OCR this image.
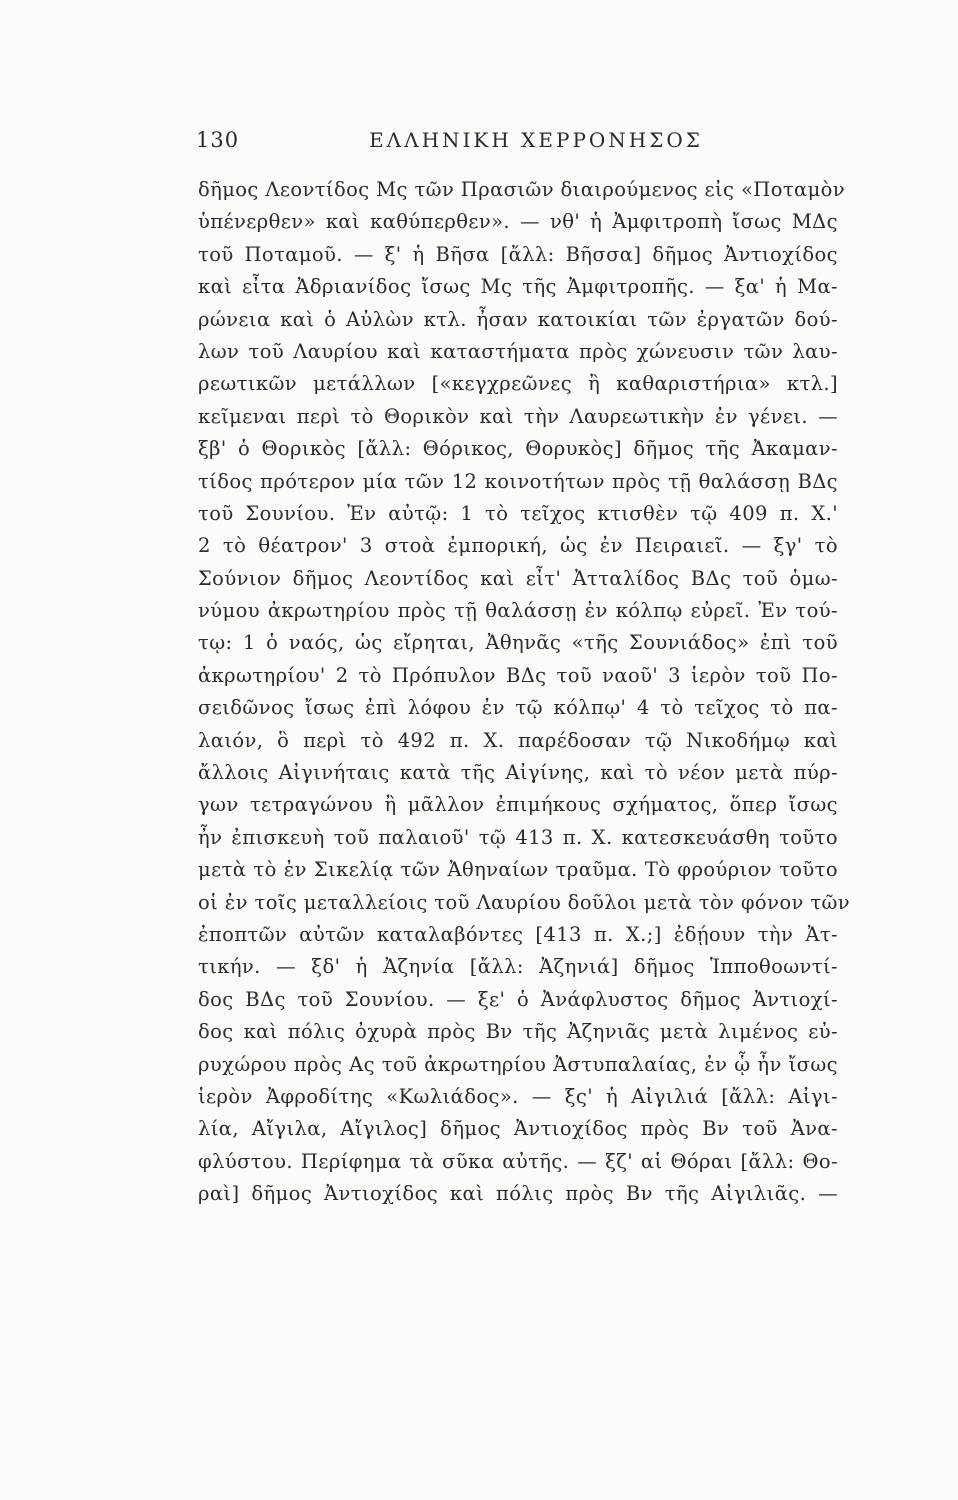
130	ΕΛΛΗΝΙΚΗ ΧΕΡΡΟΝΗΣΟΣ
δῆμος Λεοντίδος Μς τῶν Πρασιῶν διαιρούμενος εἰς «Ποταμὸν
ὑπένερθεν» καὶ καθύπερθεν». — νθ' ἡ Ἀμφιτροπὴ ἴσως ΜΔς
τοῦ Ποταμοῦ. — ξ' ἡ Βῆσα [ἄλλ: Βῆσσα] δῆμος Ἀντιοχίδος
καὶ εἶτα Ἀδριανίδος ἴσως Μς τῆς Ἀμφιτροπῆς. — ξα' ἡ Μα-
ρώνεια καὶ ὁ Αὐλὼν κτλ. ἦσαν κατοικίαι τῶν ἐργατῶν δού-
λων τοῦ Λαυρίου καὶ καταστήματα πρὸς χώνευσιν τῶν λαυ-
ρεωτικῶν μετάλλων [«κεγχρεῶνες ἢ καθαριστήρια» κτλ.]
κεῖμεναι περὶ τὸ Θορικὸν καὶ τὴν Λαυρεωτικὴν ἐν γένει. —
ξβ' ὁ Θορικὸς [ἄλλ: Θόρικος, Θορυκὸς] δῆμος τῆς Ἀκαμαν-
τίδος πρότερον μία τῶν 12 κοινοτήτων πρὸς τῇ θαλάσσῃ ΒΔς
τοῦ Σουνίου. Ἐν αὐτῷ: 1 τὸ τεῖχος κτισθὲν τῷ 409 π. Χ.'
2 τὸ θέατρον' 3 στοὰ ἐμπορική, ὡς ἐν Πειραιεῖ. — ξγ' τὸ
Σούνιον δῆμος Λεοντίδος καὶ εἶτ' Ἀτταλίδος ΒΔς τοῦ ὁμω-
νύμου ἀκρωτηρίου πρὸς τῇ θαλάσσῃ ἐν κόλπῳ εὐρεῖ. Ἐν τού-
τῳ: 1 ὁ ναός, ὡς εἴρηται, Ἀθηνᾶς «τῆς Σουνιάδος» ἐπὶ τοῦ
ἀκρωτηρίου' 2 τὸ Πρόπυλον ΒΔς τοῦ ναοῦ' 3 ἱερὸν τοῦ Πο-
σειδῶνος ἴσως ἐπὶ λόφου ἐν τῷ κόλπῳ' 4 τὸ τεῖχος τὸ πα-
λαιόν, ὃ περὶ τὸ 492 π. Χ. παρέδοσαν τῷ Νικοδήμῳ καὶ
ἄλλοις Αἰγινήταις κατὰ τῆς Αἰγίνης, καὶ τὸ νέον μετὰ πύρ-
γων τετραγώνου ἢ μᾶλλον ἐπιμήκους σχήματος, ὅπερ ἴσως
ἦν ἐπισκευὴ τοῦ παλαιοῦ' τῷ 413 π. Χ. κατεσκευάσθη τοῦτο
μετὰ τὸ ἐν Σικελίᾳ τῶν Ἀθηναίων τραῦμα. Τὸ φρούριον τοῦτο
οἱ ἐν τοῖς μεταλλείοις τοῦ Λαυρίου δοῦλοι μετὰ τὸν φόνον τῶν
ἐποπτῶν αὐτῶν καταλαβόντες [413 π. Χ.;] ἐδῄουν τὴν Ἀτ-
τικήν. — ξδ' ἡ Ἀζηνία [ἄλλ: Ἀζηνιά] δῆμος Ἱπποθοωντί-
δος ΒΔς τοῦ Σουνίου. — ξε' ὁ Ἀνάφλυστος δῆμος Ἀντιοχί-
δος καὶ πόλις ὀχυρὰ πρὸς Βν τῆς Ἀζηνιᾶς μετὰ λιμένος εὐ-
ρυχώρου πρὸς Ας τοῦ ἀκρωτηρίου Ἀστυπαλαίας, ἐν ᾧ ἦν ἴσως
ἱερὸν Ἀφροδίτης «Κωλιάδος». — ξς' ἡ Αἰγιλιά [ἄλλ: Αἰγι-
λία, Αἴγιλα, Αἴγιλος] δῆμος Ἀντιοχίδος πρὸς Βν τοῦ Ἀνα-
φλύστου. Περίφημα τὰ σῦκα αὐτῆς. — ξζ' αἱ Θόραι [ἄλλ: Θο-
ραὶ] δῆμος Ἀντιοχίδος καὶ πόλις πρὸς Βν τῆς Αἰγιλιᾶς. —
